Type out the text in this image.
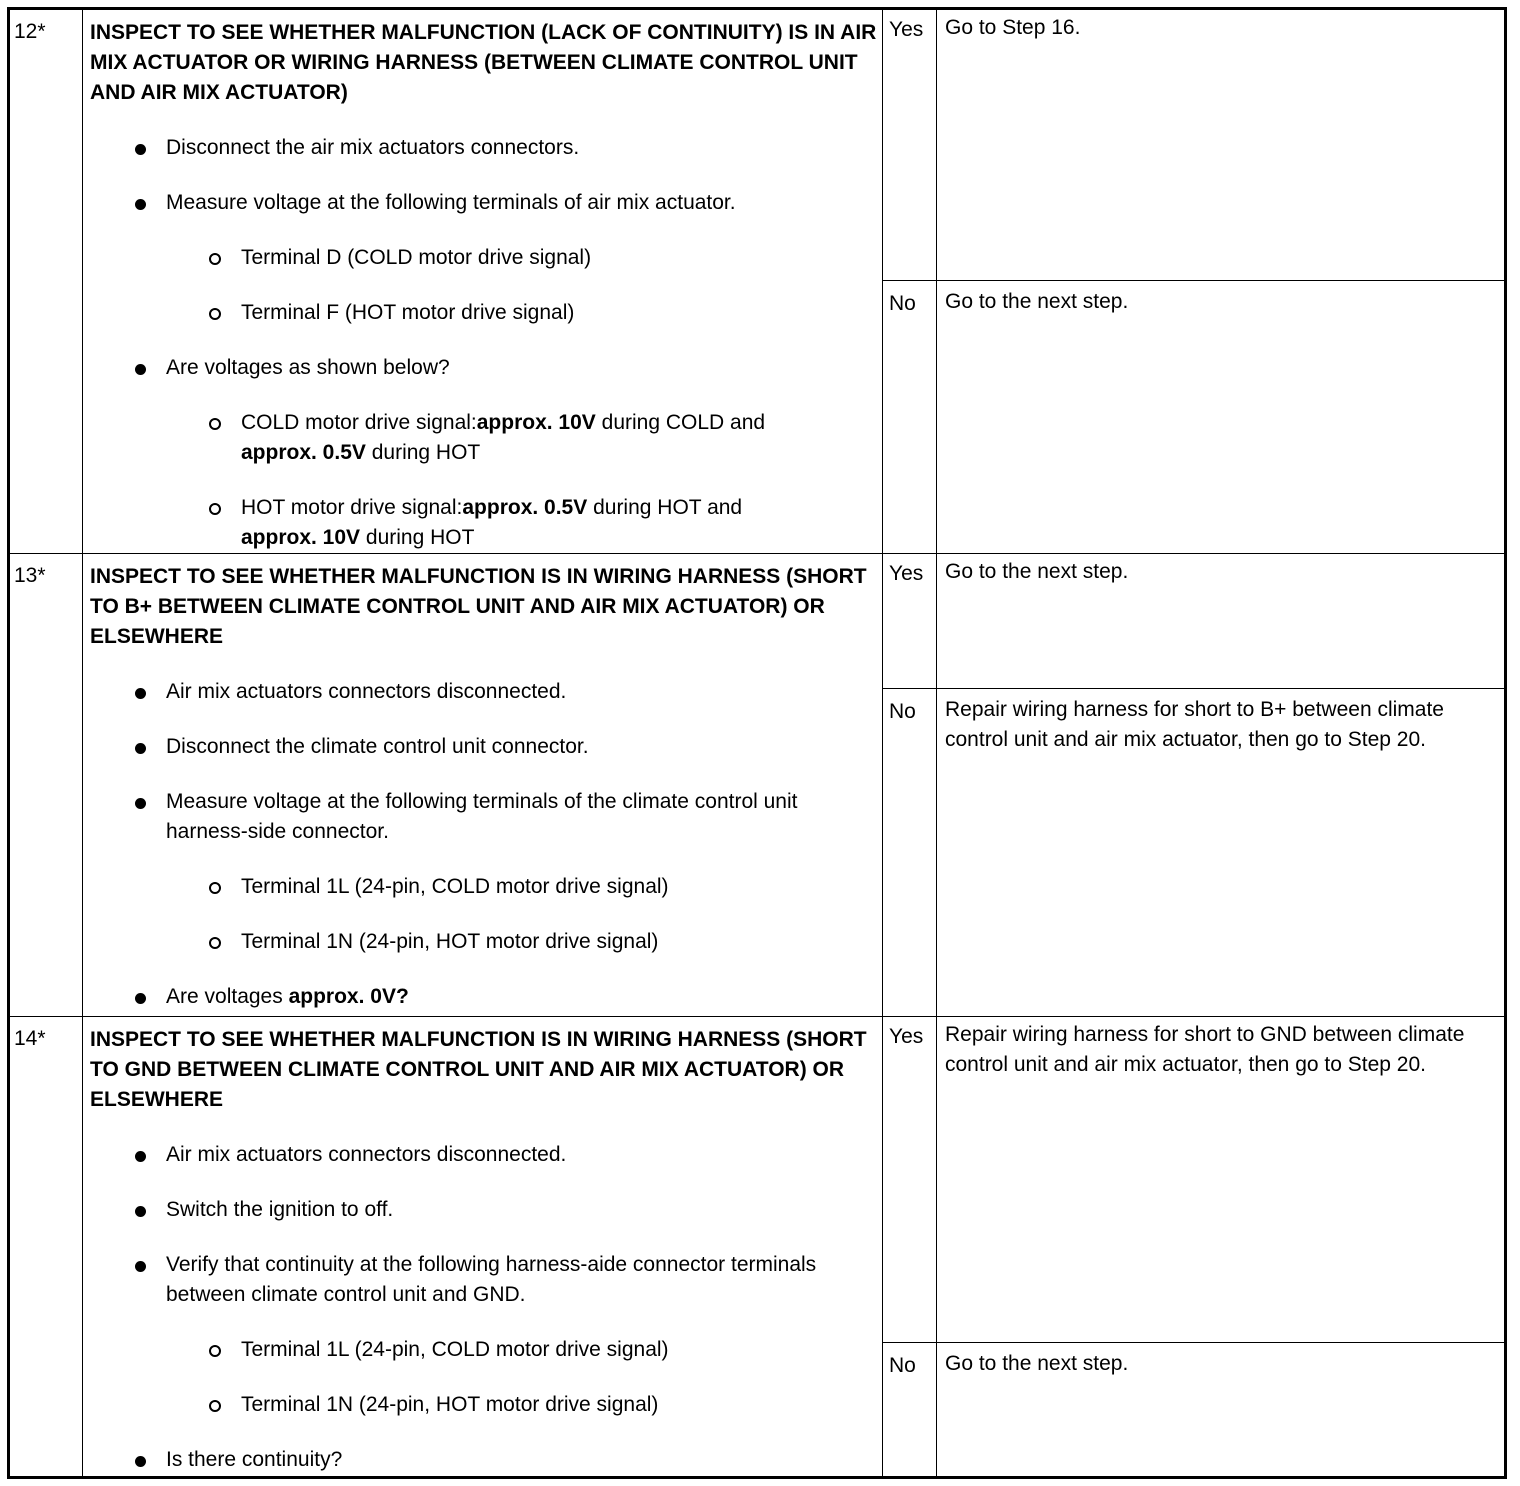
12* INSPECT TO SEE WHETHER MALFUNCTION (LACK OF CONTINUITY) IS IN AIR MIX ACTUATOR OR WIRING HARNESS (BETWEEN CLIMATE CONTROL UNIT AND AIR MIX ACTUATOR)
Disconnect the air mix actuators connectors.
Measure voltage at the following terminals of air mix actuator.
Terminal D (COLD motor drive signal)
Terminal F (HOT motor drive signal)
Are voltages as shown below?
COLD motor drive signal:approx. 10V during COLD and approx. 0.5V during HOT
HOT motor drive signal:approx. 0.5V during HOT and approx. 10V during HOT
Yes Go to Step 16.
No Go to the next step.
13* INSPECT TO SEE WHETHER MALFUNCTION IS IN WIRING HARNESS (SHORT TO B+ BETWEEN CLIMATE CONTROL UNIT AND AIR MIX ACTUATOR) OR ELSEWHERE
Air mix actuators connectors disconnected.
Disconnect the climate control unit connector.
Measure voltage at the following terminals of the climate control unit harness-side connector.
Terminal 1L (24-pin, COLD motor drive signal)
Terminal 1N (24-pin, HOT motor drive signal)
Are voltages approx. 0V?
Yes Go to the next step.
No Repair wiring harness for short to B+ between climate control unit and air mix actuator, then go to Step 20.
14* INSPECT TO SEE WHETHER MALFUNCTION IS IN WIRING HARNESS (SHORT TO GND BETWEEN CLIMATE CONTROL UNIT AND AIR MIX ACTUATOR) OR ELSEWHERE
Air mix actuators connectors disconnected.
Switch the ignition to off.
Verify that continuity at the following harness-aide connector terminals between climate control unit and GND.
Terminal 1L (24-pin, COLD motor drive signal)
Terminal 1N (24-pin, HOT motor drive signal)
Is there continuity?
Yes Repair wiring harness for short to GND between climate control unit and air mix actuator, then go to Step 20.
No Go to the next step.
